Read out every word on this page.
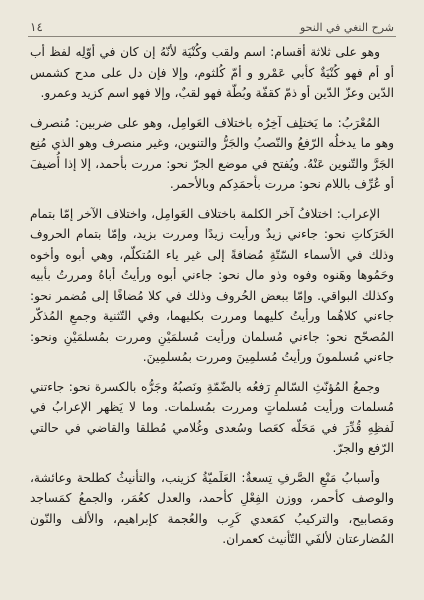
شرح النغي في النحو
١٤

وهو على ثلاثة أقسام: اسم ولقب وكُنْيَة لأنّهُ إن كان في أوّلِه لفظ أب أو أم فهو كُنْيَةٌ كأبي عَمْرو و أمّ كُلثوم، وإلا فإن دل على مدح كشمس الدّين وعزّ الدّين أو ذمّ كقفّة وبُطّة فهو لقبٌ، وإلا فهو اسم كزيد وعمرو.

المُعْرَبُ: ما يَختلِف آخِرُه باختلاف العَوامِل، وهو على ضربين: مُنصرف وهو ما يدخلُه الرّفعُ والنّصبُ والجَرُّ والتنوين، وغير منصرف وهو الذي مُنِع الجَرَّ والتّنوين عَنْهُ. ويُفتح في موضع الجرّ نحو: مررت بأحمد، إلا إذا أُضيفَ أو عُرِّف باللام نحو: مررت بأحمَدِكم وبالأحمر.

الإعراب: اختلافُ آخر الكلمة باختلاف العَوامِل، واختلاف الآخر إمّا بتمام الحَرَكاتِ نحو: جاءني زيدٌ ورأيت زيدًا ومررت بزيد، وإمّا بتمام الحروف وذلك في الأسماء السّتّةِ مُضافةً إلى غير ياء المُتكلّم، وهي أبوه وأخوه وحَمُوها وهَنوه وفوه وذو مال نحو: جاءني أبوه ورأيتُ أباهُ ومررتُ بأبيه وكذلك البواقي. وإمّا ببعض الحُروف وذلك في كلا مُضافًا إلى مُضمر نحو: جاءني كلاهُما ورأيتُ كليهما ومررت بكليهما، وفي التّثنية وجمعِ المُذكّر المُصحّح نحو: جاءني مُسلمان ورأيت مُسلمَيْنِ ومررت بمُسلمَيْنِ ونحو: جاءني مُسلمونَ ورأيتُ مُسلمِينَ ومررت بمُسلمِينَ.

وجمعُ المُؤنّثِ السّالمِ رَفعُه بالضّمّةِ ونَصبُهُ وجَرُّه بالكسرة نحو: جاءتني مُسلمات ورأيت مُسلماتٍ ومررت بمُسلمات. وما لا يَظهر الإعرابُ في لَفظِهِ قُدِّرَ في مَحَلّه كعَصا وسُعدى وغُلامي مُطلقا والقاضي في حالتي الرّفع والجرّ.

وأسبابُ مَنْعِ الصَّرفِ تِسعةٌ: العَلَميّةُ كزينب، والتأنيثُ كطلحة وعائشة، والوصف كأحمر، ووزن الفِعْلِ كأحمد، والعدل كعُمَر، والجمعُ كمَساجد ومَصابيح، والتركيبُ كمَعدي كَرِب والعُجمة كإبراهيم، والألف والنّون المُضارعتان لألفَي التّأنيث كعمران.
